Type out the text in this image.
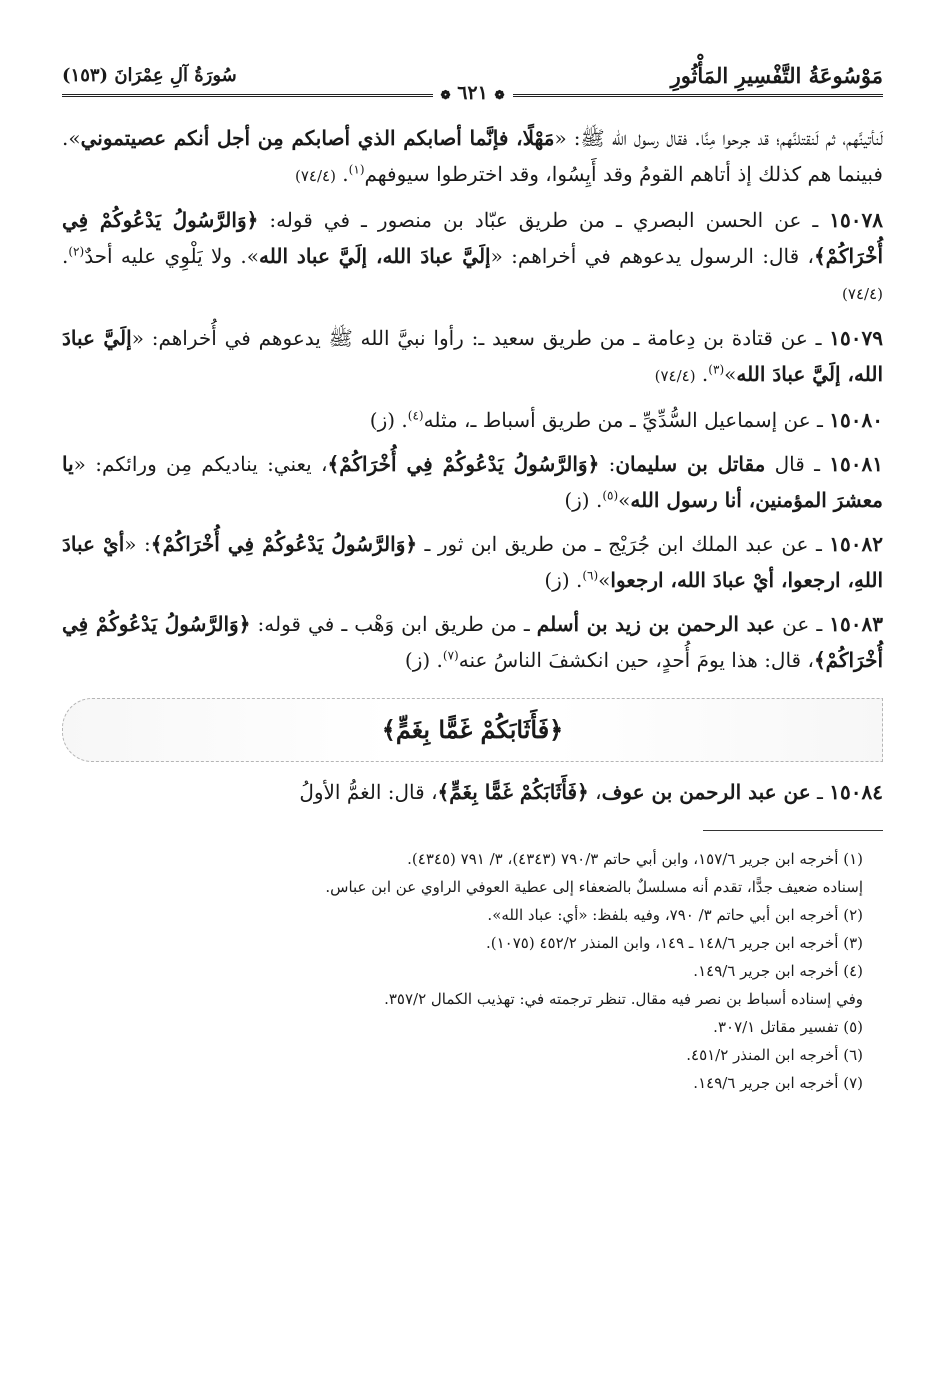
مَوْسُوعَةُ التَّفْسِيرِ المَأْثُورِ
سُورَةُ آلِ عِمْرَانَ (١٥٣)
❁ ٦٢١ ❁

لَنأتينَّهم، ثم لَنقتلنَّهم؛ قد جرحوا مِنَّا. فقال رسول الله ﷺ: «مَهْلًا، فإنَّما أصابكم الذي أصابكم مِن أجل أنكم عصيتموني». فبينما هم كذلك إذ أتاهم القومُ وقد أَيِسُوا، وقد اخترطوا سيوفهم$^{(١)}$. (٧٤/٤)

١٥٠٧٨ ـ عن الحسن البصري ـ من طريق عبّاد بن منصور ـ في قوله: ﴿وَالرَّسُولُ يَدْعُوكُمْ فِي أُخْرَاكُمْ﴾، قال: الرسول يدعوهم في أخراهم: «إلَيَّ عبادَ الله، إلَيَّ عباد الله». ولا يَلْوِي عليه أحدٌ$^{(٢)}$. (٧٤/٤)

١٥٠٧٩ ـ عن قتادة بن دِعامة ـ من طريق سعيد ـ: رأوا نبيَّ الله ﷺ يدعوهم في أُخراهم: «إلَيَّ عبادَ الله، إلَيَّ عبادَ الله»$^{(٣)}$. (٧٤/٤)

١٥٠٨٠ ـ عن إسماعيل السُّدِّيِّ ـ من طريق أسباط ـ، مثله$^{(٤)}$. (ز)

١٥٠٨١ ـ قال مقاتل بن سليمان: ﴿وَالرَّسُولُ يَدْعُوكُمْ فِي أُخْرَاكُمْ﴾، يعني: يناديكم مِن ورائكم: «يا معشرَ المؤمنين، أنا رسول الله»$^{(٥)}$. (ز)

١٥٠٨٢ ـ عن عبد الملك ابن جُرَيْج ـ من طريق ابن ثور ـ ﴿وَالرَّسُولُ يَدْعُوكُمْ فِي أُخْرَاكُمْ﴾: «أيْ عبادَ اللهِ، ارجعوا، أيْ عبادَ الله، ارجعوا»$^{(٦)}$. (ز)

١٥٠٨٣ ـ عن عبد الرحمن بن زيد بن أسلم ـ من طريق ابن وَهْب ـ في قوله: ﴿وَالرَّسُولُ يَدْعُوكُمْ فِي أُخْرَاكُمْ﴾، قال: هذا يومَ أُحدٍ، حين انكشفَ الناسُ عنه$^{(٧)}$. (ز)

﴿فَأَثَابَكُمْ غَمًّا بِغَمٍّ﴾

١٥٠٨٤ ـ عن عبد الرحمن بن عوف، ﴿فَأَثَابَكُمْ غَمًّا بِغَمٍّ﴾، قال: الغمُّ الأولُ

(١) أخرجه ابن جرير ١٥٧/٦، وابن أبي حاتم ٧٩٠/٣ (٤٣٤٣)، ٣/ ٧٩١ (٤٣٤٥).
إسناده ضعيف جدًّا، تقدم أنه مسلسلٌ بالضعفاء إلى عطية العوفي الراوي عن ابن عباس.
(٢) أخرجه ابن أبي حاتم ٣/ ٧٩٠، وفيه بلفظ: «أي: عباد الله».
(٣) أخرجه ابن جرير ١٤٨/٦ ـ ١٤٩، وابن المنذر ٤٥٢/٢ (١٠٧٥).
(٤) أخرجه ابن جرير ١٤٩/٦.
وفي إسناده أسباط بن نصر فيه مقال. تنظر ترجمته في: تهذيب الكمال ٣٥٧/٢.
(٥) تفسير مقاتل ٣٠٧/١.
(٦) أخرجه ابن المنذر ٤٥١/٢.
(٧) أخرجه ابن جرير ١٤٩/٦.
